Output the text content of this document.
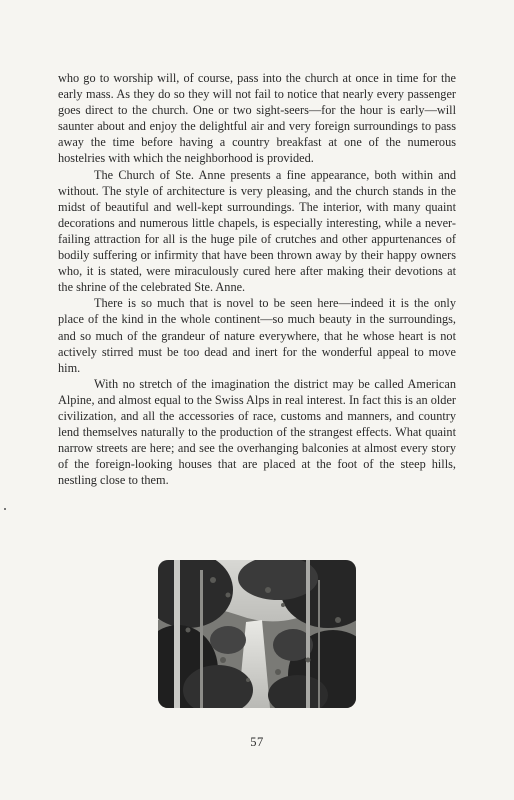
who go to worship will, of course, pass into the church at once in time for the early mass. As they do so they will not fail to notice that nearly every passenger goes direct to the church. One or two sight-seers—for the hour is early—will saunter about and enjoy the delightful air and very foreign surroundings to pass away the time before having a country breakfast at one of the numerous hostelries with which the neighborhood is provided.

The Church of Ste. Anne presents a fine appearance, both within and without. The style of architecture is very pleasing, and the church stands in the midst of beautiful and well-kept surroundings. The interior, with many quaint decorations and numerous little chapels, is especially interesting, while a never-failing attraction for all is the huge pile of crutches and other appurtenances of bodily suffering or infirmity that have been thrown away by their happy owners who, it is stated, were miraculously cured here after making their devotions at the shrine of the celebrated Ste. Anne.

There is so much that is novel to be seen here—indeed it is the only place of the kind in the whole continent—so much beauty in the surroundings, and so much of the grandeur of nature everywhere, that he whose heart is not actively stirred must be too dead and inert for the wonderful appeal to move him.

With no stretch of the imagination the district may be called American Alpine, and almost equal to the Swiss Alps in real interest. In fact this is an older civilization, and all the accessories of race, customs and manners, and country lend themselves naturally to the production of the strangest effects. What quaint narrow streets are here; and see the overhanging balconies at almost every story of the foreign-looking houses that are placed at the foot of the steep hills, nestling close to them.

57
